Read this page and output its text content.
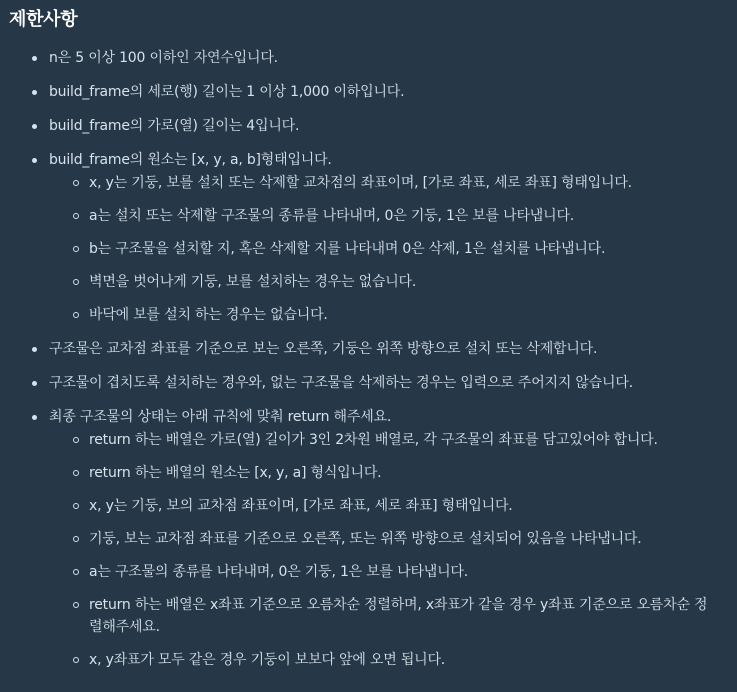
제한사항
n은 5 이상 100 이하인 자연수입니다.
build_frame의 세로(행) 길이는 1 이상 1,000 이하입니다.
build_frame의 가로(열) 길이는 4입니다.
build_frame의 원소는 [x, y, a, b]형태입니다.
x, y는 기둥, 보를 설치 또는 삭제할 교차점의 좌표이며, [가로 좌표, 세로 좌표] 형태입니다.
a는 설치 또는 삭제할 구조물의 종류를 나타내며, 0은 기둥, 1은 보를 나타냅니다.
b는 구조물을 설치할 지, 혹은 삭제할 지를 나타내며 0은 삭제, 1은 설치를 나타냅니다.
벽면을 벗어나게 기둥, 보를 설치하는 경우는 없습니다.
바닥에 보를 설치 하는 경우는 없습니다.
구조물은 교차점 좌표를 기준으로 보는 오른쪽, 기둥은 위쪽 방향으로 설치 또는 삭제합니다.
구조물이 겹치도록 설치하는 경우와, 없는 구조물을 삭제하는 경우는 입력으로 주어지지 않습니다.
최종 구조물의 상태는 아래 규칙에 맞춰 return 해주세요.
return 하는 배열은 가로(열) 길이가 3인 2차원 배열로, 각 구조물의 좌표를 담고있어야 합니다.
return 하는 배열의 원소는 [x, y, a] 형식입니다.
x, y는 기둥, 보의 교차점 좌표이며, [가로 좌표, 세로 좌표] 형태입니다.
기둥, 보는 교차점 좌표를 기준으로 오른쪽, 또는 위쪽 방향으로 설치되어 있음을 나타냅니다.
a는 구조물의 종류를 나타내며, 0은 기둥, 1은 보를 나타냅니다.
return 하는 배열은 x좌표 기준으로 오름차순 정렬하며, x좌표가 같을 경우 y좌표 기준으로 오름차순 정렬해주세요.
x, y좌표가 모두 같은 경우 기둥이 보보다 앞에 오면 됩니다.
